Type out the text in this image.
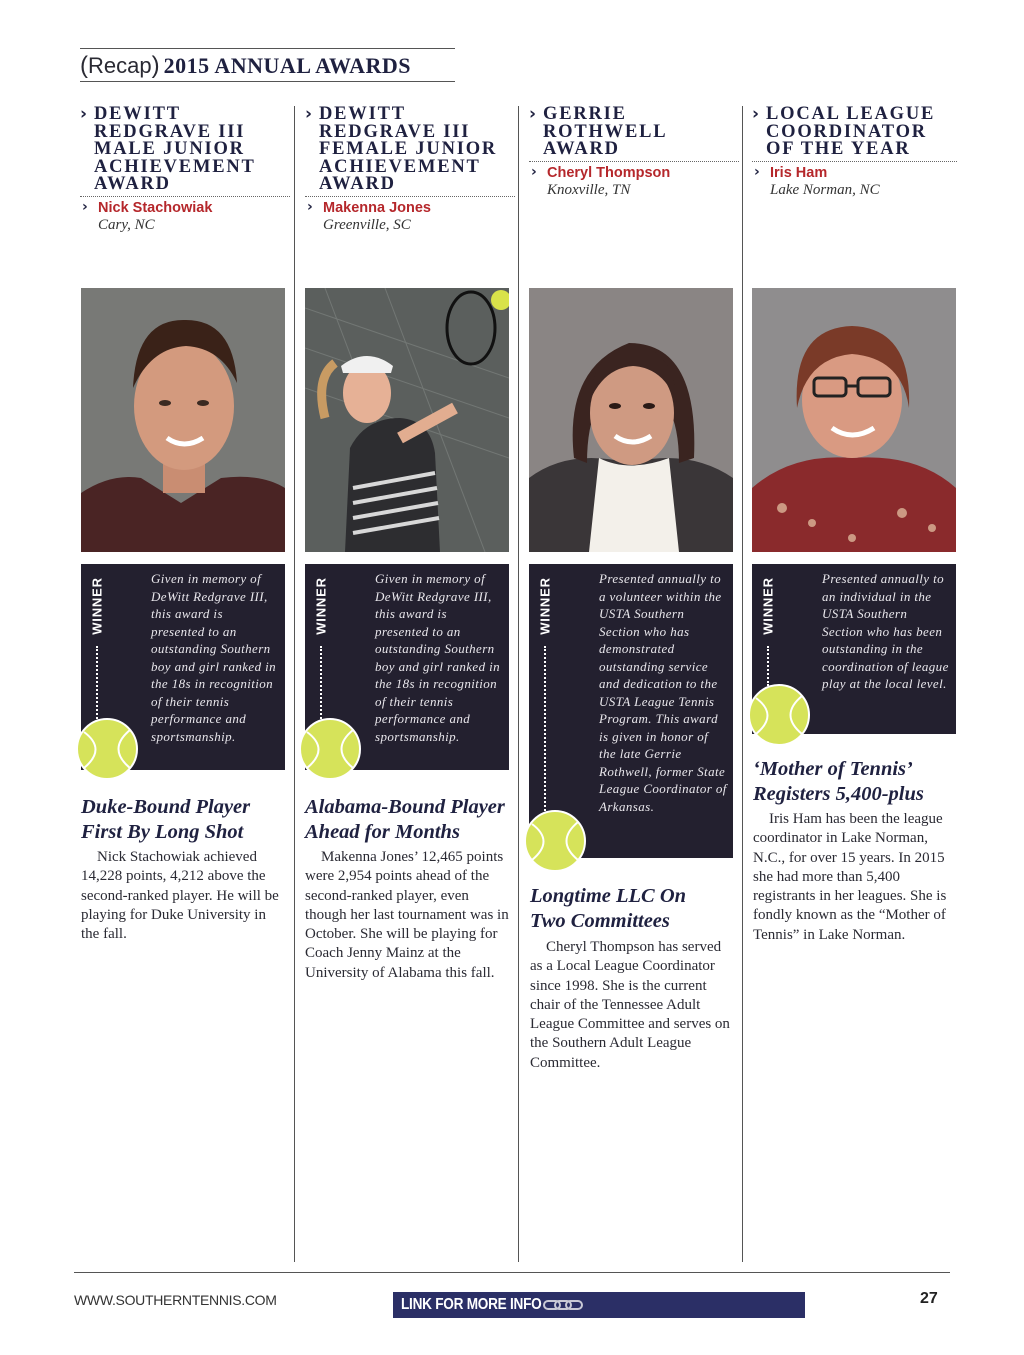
(Recap) 2015 ANNUAL AWARDS
› DEWITT REDGRAVE III MALE JUNIOR ACHIEVEMENT AWARD
› Nick Stachowiak
Cary, NC
› DEWITT REDGRAVE III FEMALE JUNIOR ACHIEVEMENT AWARD
› Makenna Jones
Greenville, SC
› GERRIE ROTHWELL AWARD
› Cheryl Thompson
Knoxville, TN
› LOCAL LEAGUE COORDINATOR OF THE YEAR
› Iris Ham
Lake Norman, NC
WINNER	Given in memory of DeWitt Redgrave III, this award is presented to an outstanding Southern boy and girl ranked in the 18s in recognition of their tennis performance and sportsmanship.
WINNER	Given in memory of DeWitt Redgrave III, this award is presented to an outstanding Southern boy and girl ranked in the 18s in recognition of their tennis performance and sportsmanship.
WINNER	Presented annually to a volunteer within the USTA Southern Section who has demonstrated outstanding service and dedication to the USTA League Tennis Program. This award is given in honor of the late Gerrie Rothwell, former State League Coordinator of Arkansas.
WINNER	Presented annually to an individual in the USTA Southern Section who has been outstanding in the coordination of league play at the local level.
Duke-Bound Player First By Long Shot
Nick Stachowiak achieved 14,228 points, 4,212 above the second-ranked player. He will be playing for Duke University in the fall.
Alabama-Bound Player Ahead for Months
Makenna Jones’ 12,465 points were 2,954 points ahead of the second-ranked player, even though her last tournament was in October. She will be playing for Coach Jenny Mainz at the University of Alabama this fall.
Longtime LLC On Two Committees
Cheryl Thompson has served as a Local League Coordinator since 1998. She is the current chair of the Tennessee Adult League Committee and serves on the Southern Adult League Committee.
‘Mother of Tennis’ Registers 5,400-plus
Iris Ham has been the league coordinator in Lake Norman, N.C., for over 15 years. In 2015 she had more than 5,400 registrants in her leagues. She is fondly known as the “Mother of Tennis” in Lake Norman.
WWW.SOUTHERNTENNIS.COM	LINK FOR MORE INFO	27
